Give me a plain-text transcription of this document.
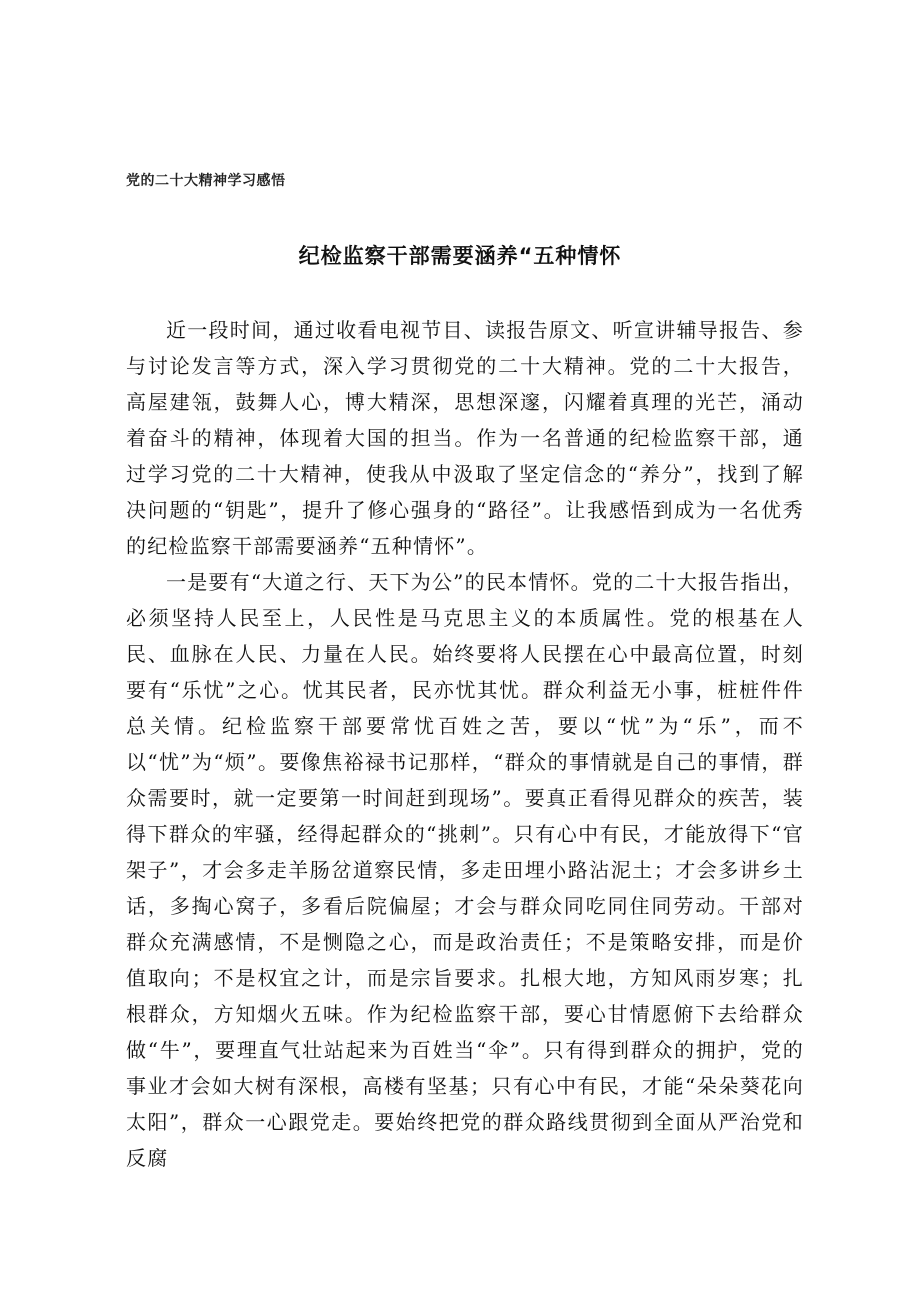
党的二十大精神学习感悟
纪检监察干部需要涵养“五种情怀

近一段时间，通过收看电视节目、读报告原文、听宣讲辅导报告、参与讨论发言等方式，深入学习贯彻党的二十大精神。党的二十大报告，高屋建瓴，鼓舞人心，博大精深，思想深邃，闪耀着真理的光芒，涌动着奋斗的精神，体现着大国的担当。作为一名普通的纪检监察干部，通过学习党的二十大精神，使我从中汲取了坚定信念的“养分”，找到了解决问题的“钥匙”，提升了修心强身的“路径”。让我感悟到成为一名优秀的纪检监察干部需要涵养“五种情怀”。

一是要有“大道之行、天下为公”的民本情怀。党的二十大报告指出，必须坚持人民至上，人民性是马克思主义的本质属性。党的根基在人民、血脉在人民、力量在人民。始终要将人民摆在心中最高位置，时刻要有“乐忧”之心。忧其民者，民亦忧其忧。群众利益无小事，桩桩件件总关情。纪检监察干部要常忧百姓之苦，要以“忧”为“乐”，而不以“忧”为“烦”。要像焦裕禄书记那样，“群众的事情就是自己的事情，群众需要时，就一定要第一时间赶到现场”。要真正看得见群众的疾苦，装得下群众的牢骚，经得起群众的“挑刺”。只有心中有民，才能放得下“官架子”，才会多走羊肠岔道察民情，多走田埋小路沾泥土；才会多讲乡土话，多掏心窝子，多看后院偏屋；才会与群众同吃同住同劳动。干部对群众充满感情，不是恻隐之心，而是政治责任；不是策略安排，而是价值取向；不是权宜之计，而是宗旨要求。扎根大地，方知风雨岁寒；扎根群众，方知烟火五味。作为纪检监察干部，要心甘情愿俯下去给群众做“牛”，要理直气壮站起来为百姓当“伞”。只有得到群众的拥护，党的事业才会如大树有深根，高楼有坚基；只有心中有民，才能“朵朵葵花向太阳”，群众一心跟党走。要始终把党的群众路线贯彻到全面从严治党和反腐
